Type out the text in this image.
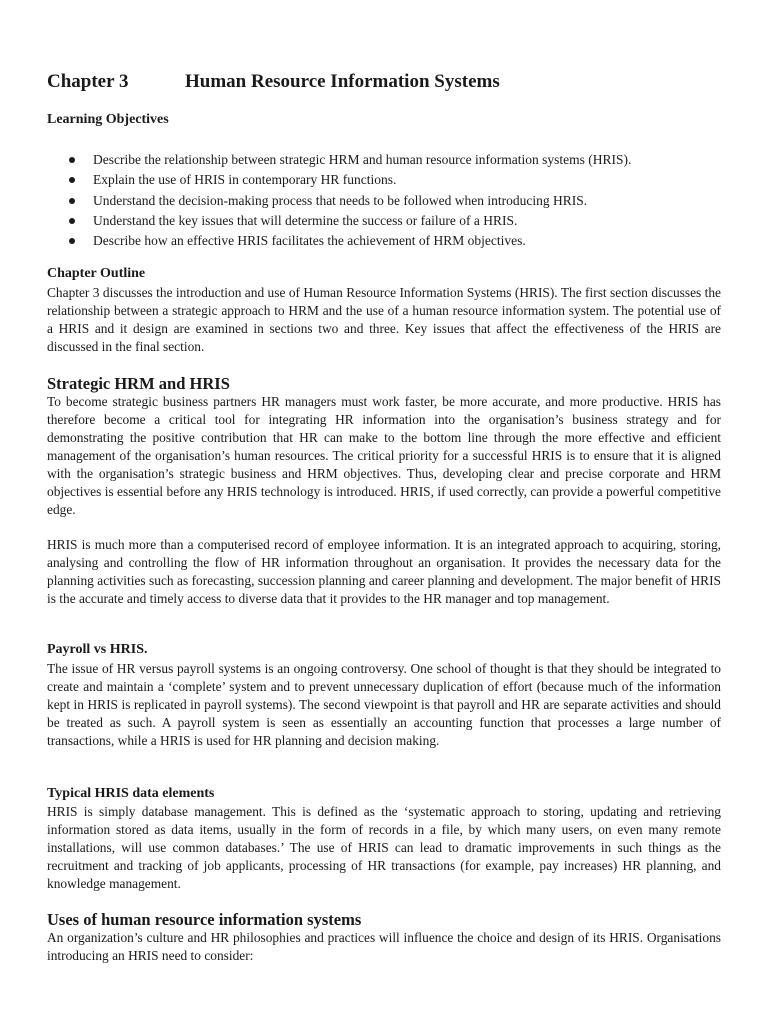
Chapter 3	Human Resource Information Systems
Learning Objectives
Describe the relationship between strategic HRM and human resource information systems (HRIS).
Explain the use of HRIS in contemporary HR functions.
Understand the decision-making process that needs to be followed when introducing HRIS.
Understand the key issues that will determine the success or failure of a HRIS.
Describe how an effective HRIS facilitates the achievement of HRM objectives.
Chapter Outline

Chapter 3 discusses the introduction and use of Human Resource Information Systems (HRIS). The first section discusses the relationship between a strategic approach to HRM and the use of a human resource information system. The potential use of a HRIS and it design are examined in sections two and three. Key issues that affect the effectiveness of the HRIS are discussed in the final section.

Strategic HRM and HRIS

To become strategic business partners HR managers must work faster, be more accurate, and more productive. HRIS has therefore become a critical tool for integrating HR information into the organisation’s business strategy and for demonstrating the positive contribution that HR can make to the bottom line through the more effective and efficient management of the organisation’s human resources. The critical priority for a successful HRIS is to ensure that it is aligned with the organisation’s strategic business and HRM objectives. Thus, developing clear and precise corporate and HRM objectives is essential before any HRIS technology is introduced. HRIS, if used correctly, can provide a powerful competitive edge.

HRIS is much more than a computerised record of employee information. It is an integrated approach to acquiring, storing, analysing and controlling the flow of HR information throughout an organisation. It provides the necessary data for the planning activities such as forecasting, succession planning and career planning and development. The major benefit of HRIS is the accurate and timely access to diverse data that it provides to the HR manager and top management.

Payroll vs HRIS.

The issue of HR versus payroll systems is an ongoing controversy. One school of thought is that they should be integrated to create and maintain a ‘complete’ system and to prevent unnecessary duplication of effort (because much of the information kept in HRIS is replicated in payroll systems). The second viewpoint is that payroll and HR are separate activities and should be treated as such. A payroll system is seen as essentially an accounting function that processes a large number of transactions, while a HRIS is used for HR planning and decision making.

Typical HRIS data elements

HRIS is simply database management. This is defined as the ‘systematic approach to storing, updating and retrieving information stored as data items, usually in the form of records in a file, by which many users, on even many remote installations, will use common databases.’ The use of HRIS can lead to dramatic improvements in such things as the recruitment and tracking of job applicants, processing of HR transactions (for example, pay increases) HR planning, and knowledge management.

Uses of human resource information systems

An organization’s culture and HR philosophies and practices will influence the choice and design of its HRIS. Organisations introducing an HRIS need to consider:
